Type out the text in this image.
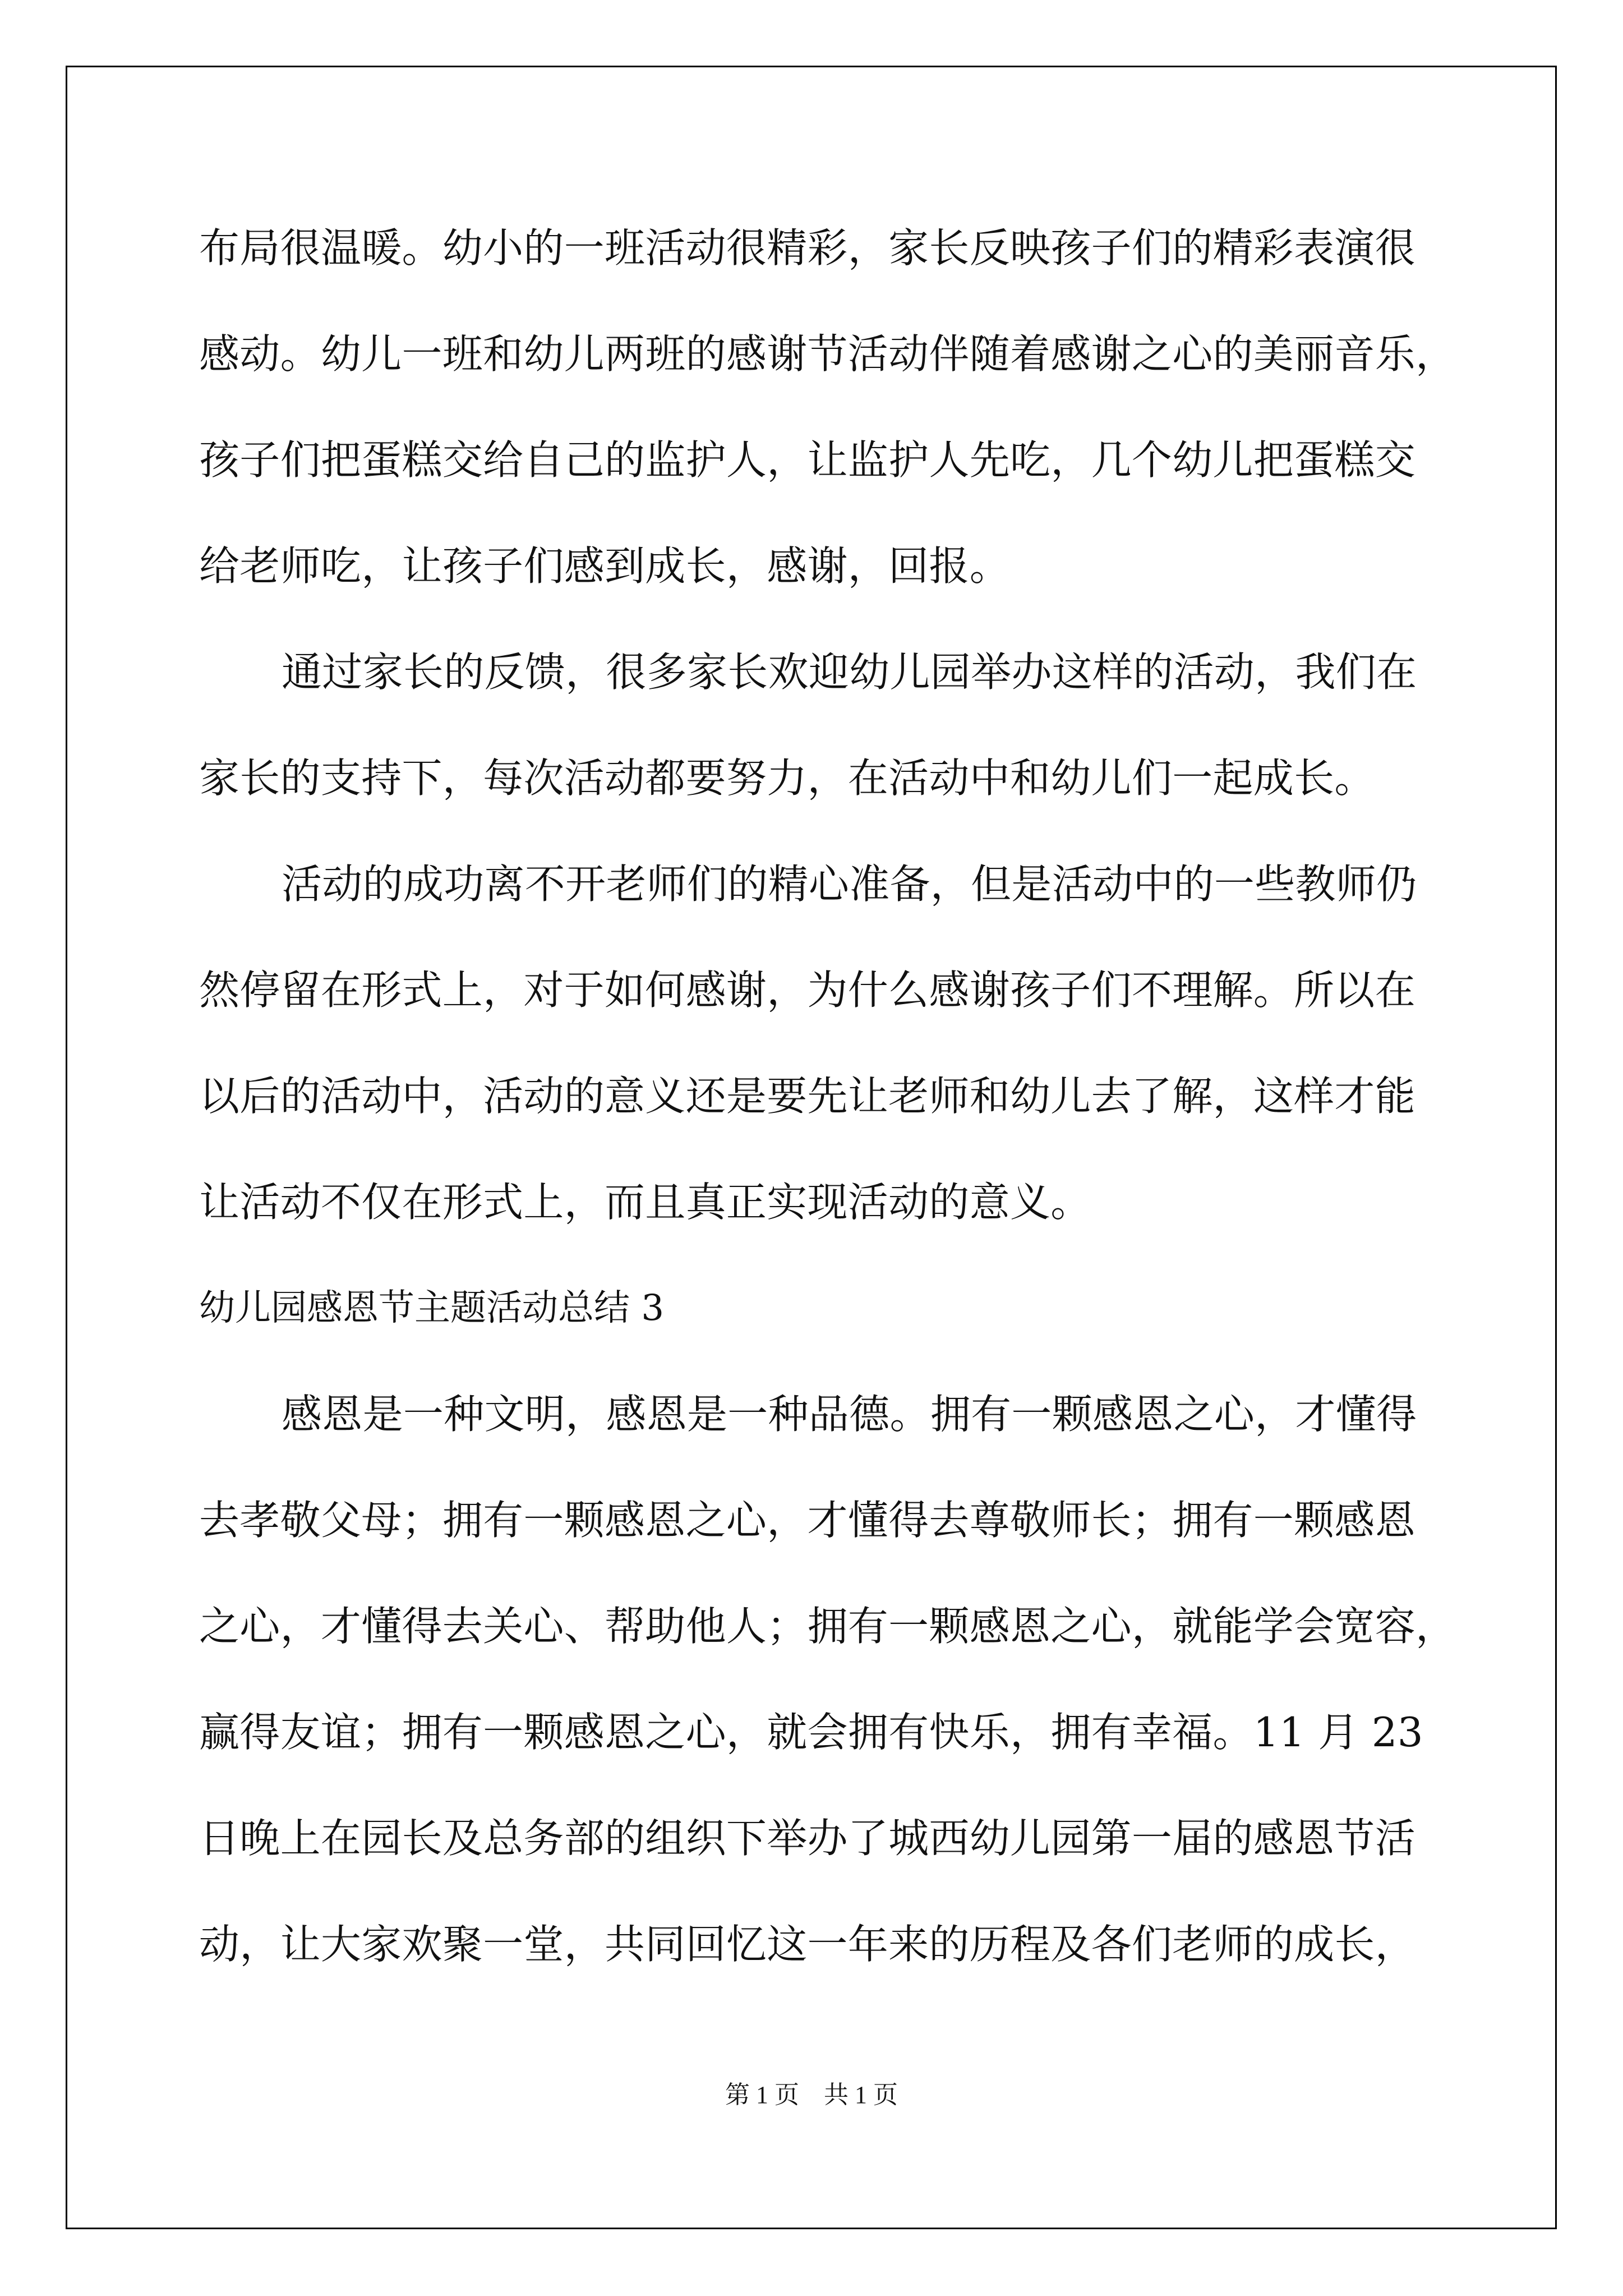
布局很温暖。幼小的一班活动很精彩，家长反映孩子们的精彩表演很
感动。幼儿一班和幼儿两班的感谢节活动伴随着感谢之心的美丽音乐，
孩子们把蛋糕交给自己的监护人，让监护人先吃，几个幼儿把蛋糕交
给老师吃，让孩子们感到成长，感谢，回报。
通过家长的反馈，很多家长欢迎幼儿园举办这样的活动，我们在
家长的支持下，每次活动都要努力，在活动中和幼儿们一起成长。
活动的成功离不开老师们的精心准备，但是活动中的一些教师仍
然停留在形式上，对于如何感谢，为什么感谢孩子们不理解。所以在
以后的活动中，活动的意义还是要先让老师和幼儿去了解，这样才能
让活动不仅在形式上，而且真正实现活动的意义。
幼儿园感恩节主题活动总结 3
感恩是一种文明，感恩是一种品德。拥有一颗感恩之心，才懂得
去孝敬父母；拥有一颗感恩之心，才懂得去尊敬师长；拥有一颗感恩
之心，才懂得去关心、帮助他人；拥有一颗感恩之心，就能学会宽容，
赢得友谊；拥有一颗感恩之心，就会拥有快乐，拥有幸福。11 月 23
日晚上在园长及总务部的组织下举办了城西幼儿园第一届的感恩节活
动，让大家欢聚一堂，共同回忆这一年来的历程及各们老师的成长，
第 1 页　共 1 页
